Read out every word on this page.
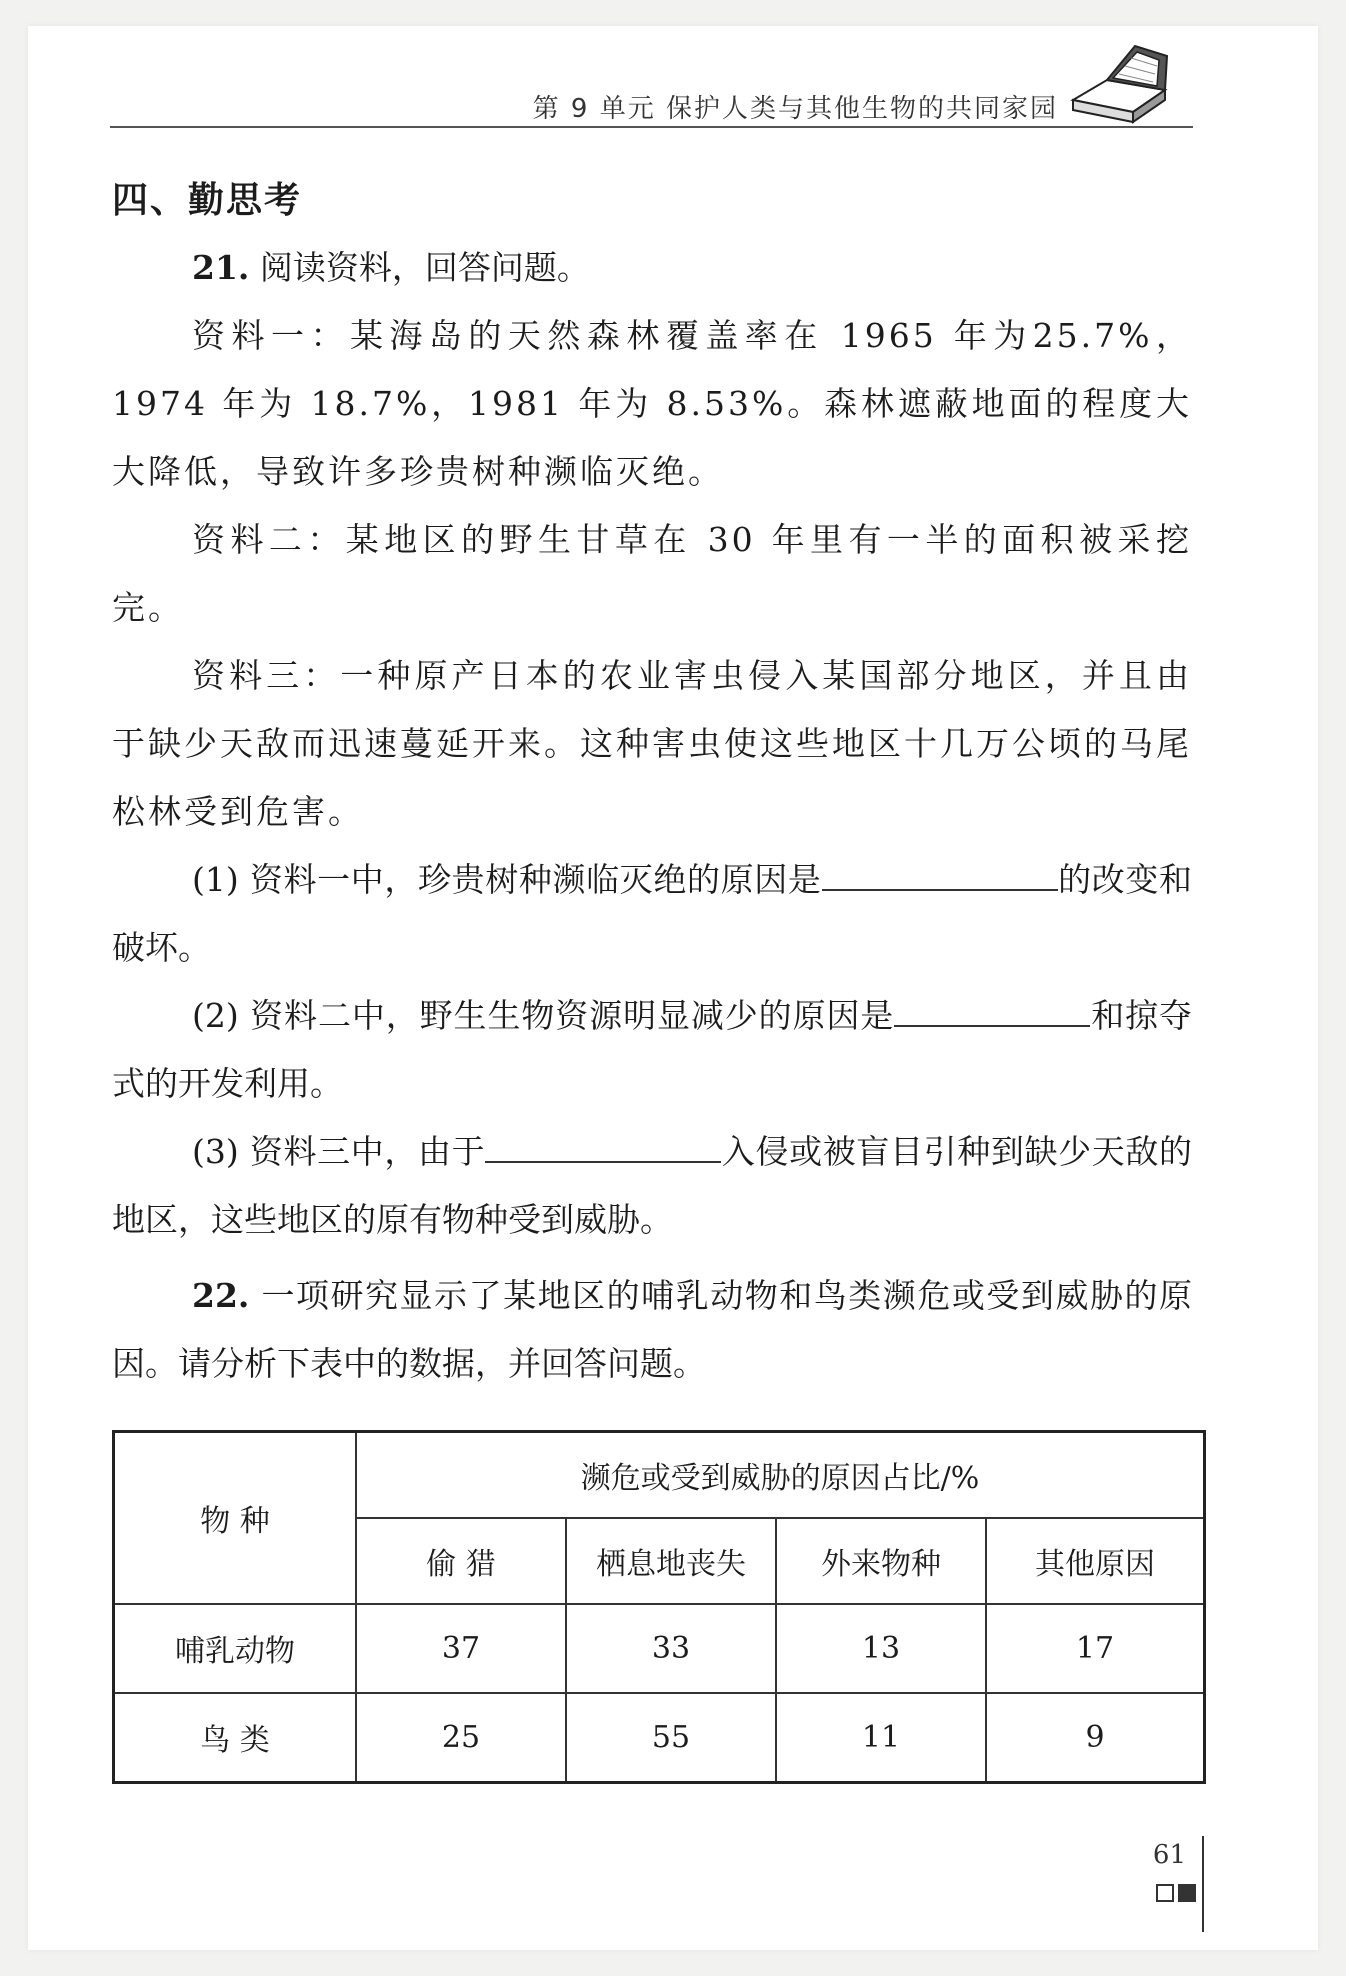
第 9 单元 保护人类与其他生物的共同家园
四、勤思考

21. 阅读资料，回答问题。

资料一：某海岛的天然森林覆盖率在 1965 年为25.7%，1974 年为 18.7%，1981 年为 8.53%。森林遮蔽地面的程度大大降低，导致许多珍贵树种濒临灭绝。

资料二：某地区的野生甘草在 30 年里有一半的面积被采挖完。

资料三：一种原产日本的农业害虫侵入某国部分地区，并且由于缺少天敌而迅速蔓延开来。这种害虫使这些地区十几万公顷的马尾松林受到危害。

(1) 资料一中，珍贵树种濒临灭绝的原因是	的改变和破坏。

(2) 资料二中，野生生物资源明显减少的原因是	和掠夺式的开发利用。

(3) 资料三中，由于	入侵或被盲目引种到缺少天敌的地区，这些地区的原有物种受到威胁。

22. 一项研究显示了某地区的哺乳动物和鸟类濒危或受到威胁的原因。请分析下表中的数据，并回答问题。

物 种	濒危或受到威胁的原因占比/%			
	偷 猎	栖息地丧失	外来物种	其他原因
哺乳动物	37	33	13	17
鸟 类	25	55	11	9
61
